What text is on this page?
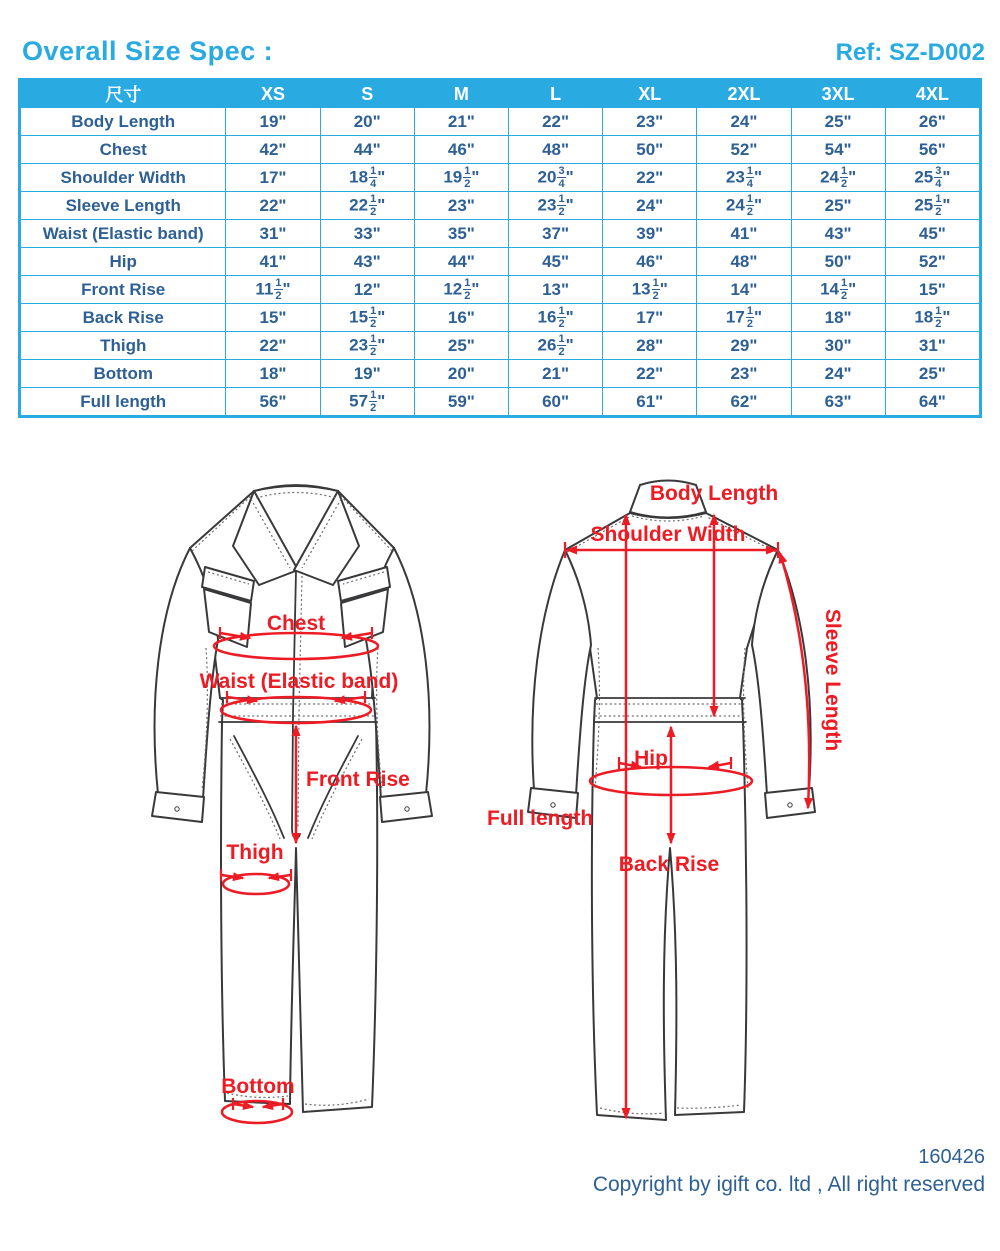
Overall Size Spec :	Ref: SZ-D002
尺寸	XS	S	M	L	XL	2XL	3XL	4XL
Body Length	19"	20"	21"	22"	23"	24"	25"	26"
Chest	42"	44"	46"	48"	50"	52"	54"	56"
Shoulder Width	17"	$18 \frac{1}{4}$ "	$19 \frac{1}{2}$ "	$20 \frac{3}{4}$ "	22"	$23 \frac{1}{4}$ "	$24 \frac{1}{2}$ "	$25 \frac{3}{4}$ "
Sleeve Length	22"	$22 \frac{1}{2}$ "	23"	$23 \frac{1}{2}$ "	24"	$24 \frac{1}{2}$ "	25"	$25 \frac{1}{2}$ "
Waist (Elastic band)	31"	33"	35"	37"	39"	41"	43"	45"
Hip	41"	43"	44"	45"	46"	48"	50"	52"
Front Rise	$11 \frac{1}{2}$ "	12"	$12 \frac{1}{2}$ "	13"	$13 \frac{1}{2}$ "	14"	$14 \frac{1}{2}$ "	15"
Back Rise	15"	$15 \frac{1}{2}$ "	16"	$16 \frac{1}{2}$ "	17"	$17 \frac{1}{2}$ "	18"	$18 \frac{1}{2}$ "
Thigh	22"	$23 \frac{1}{2}$ "	25"	$26 \frac{1}{2}$ "	28"	29"	30"	31"
Bottom	18"	19"	20"	21"	22"	23"	24"	25"
Full length	56"	$57 \frac{1}{2}$ "	59"	60"	61"	62"	63"	64"
Chest
Waist (Elastic band)
Front Rise
Thigh
Bottom
Body Length
Shoulder Width
Sleeve Length
Hip
Full length
Back Rise
160426
Copyright by igift co. ltd , All right reserved
